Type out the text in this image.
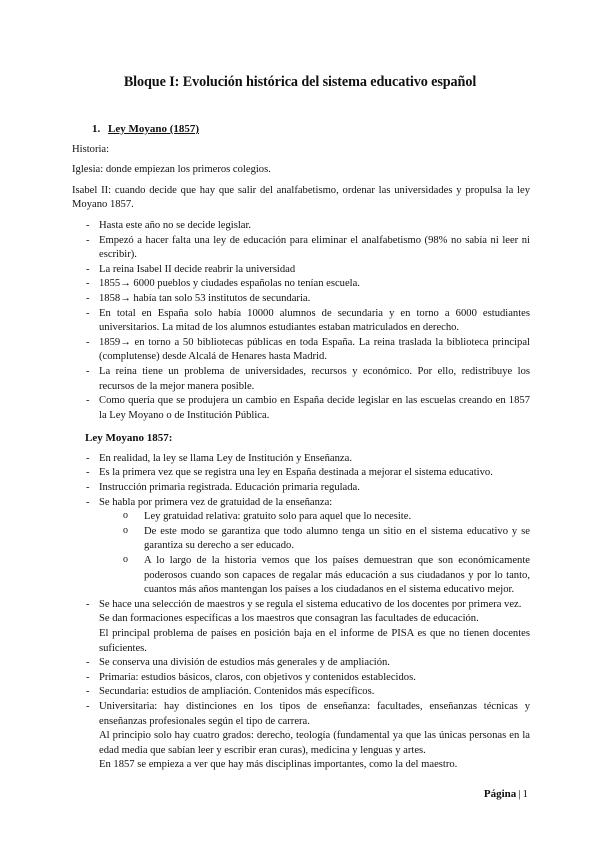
Bloque I: Evolución histórica del sistema educativo español
1. Ley Moyano (1857)

Historia:

Iglesia: donde empiezan los primeros colegios.

Isabel II: cuando decide que hay que salir del analfabetismo, ordenar las universidades y propulsa la ley Moyano 1857.

- Hasta este año no se decide legislar.
- Empezó a hacer falta una ley de educación para eliminar el analfabetismo (98% no sabía ni leer ni escribir).
- La reina Isabel II decide reabrir la universidad
- 1855→ 6000 pueblos y ciudades españolas no tenían escuela.
- 1858→ había tan solo 53 institutos de secundaria.
- En total en España solo había 10000 alumnos de secundaria y en torno a 6000 estudiantes universitarios. La mitad de los alumnos estudiantes estaban matriculados en derecho.
- 1859→ en torno a 50 bibliotecas públicas en toda España. La reina traslada la biblioteca principal (complutense) desde Alcalá de Henares hasta Madrid.
- La reina tiene un problema de universidades, recursos y económico. Por ello, redistribuye los recursos de la mejor manera posible.
- Como quería que se produjera un cambio en España decide legislar en las escuelas creando en 1857 la Ley Moyano o de Institución Pública.
Ley Moyano 1857:
- En realidad, la ley se llama Ley de Institución y Enseñanza.
- Es la primera vez que se registra una ley en España destinada a mejorar el sistema educativo.
- Instrucción primaria registrada. Educación primaria regulada.
- Se habla por primera vez de gratuidad de la enseñanza:
o Ley gratuidad relativa: gratuito solo para aquel que lo necesite.
o De este modo se garantiza que todo alumno tenga un sitio en el sistema educativo y se garantiza su derecho a ser educado.
o A lo largo de la historia vemos que los países demuestran que son económicamente poderosos cuando son capaces de regalar más educación a sus ciudadanos y por lo tanto, cuantos más años mantengan los países a los ciudadanos en el sistema educativo mejor.
- Se hace una selección de maestros y se regula el sistema educativo de los docentes por primera vez.
Se dan formaciones específicas a los maestros que consagran las facultades de educación.
El principal problema de países en posición baja en el informe de PISA es que no tienen docentes suficientes.
- Se conserva una división de estudios más generales y de ampliación.
- Primaria: estudios básicos, claros, con objetivos y contenidos establecidos.
- Secundaria: estudios de ampliación. Contenidos más específicos.
- Universitaria: hay distinciones en los tipos de enseñanza: facultades, enseñanzas técnicas y enseñanzas profesionales según el tipo de carrera.
Al principio solo hay cuatro grados: derecho, teología (fundamental ya que las únicas personas en la edad media que sabían leer y escribir eran curas), medicina y lenguas y artes.
En 1857 se empieza a ver que hay más disciplinas importantes, como la del maestro.
Página | 1
